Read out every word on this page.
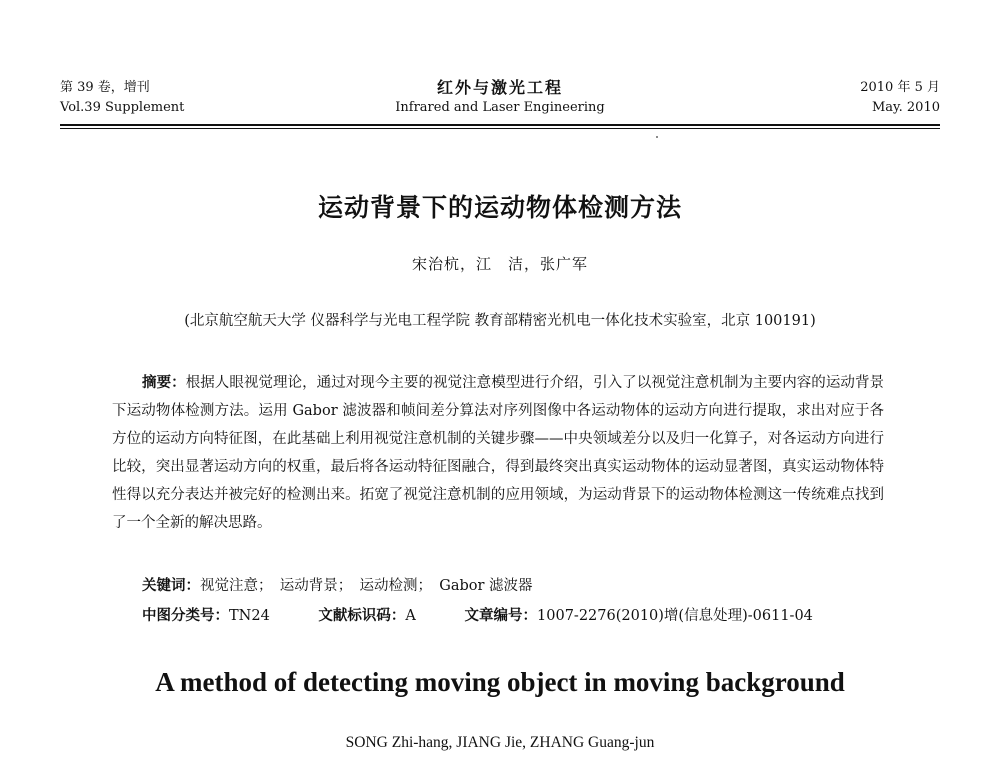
第 39 卷，增刊
Vol.39 Supplement
红外与激光工程
Infrared and Laser Engineering
2010 年 5 月
May. 2010
运动背景下的运动物体检测方法
宋治杭，江　洁，张广军
(北京航空航天大学 仪器科学与光电工程学院 教育部精密光机电一体化技术实验室，北京 100191)
摘要：根据人眼视觉理论，通过对现今主要的视觉注意模型进行介绍，引入了以视觉注意机制为主要内容的运动背景下运动物体检测方法。运用 Gabor 滤波器和帧间差分算法对序列图像中各运动物体的运动方向进行提取，求出对应于各方位的运动方向特征图，在此基础上利用视觉注意机制的关键步骤——中央领域差分以及归一化算子，对各运动方向进行比较，突出显著运动方向的权重，最后将各运动特征图融合，得到最终突出真实运动物体的运动显著图，真实运动物体特性得以充分表达并被完好的检测出来。拓宽了视觉注意机制的应用领域，为运动背景下的运动物体检测这一传统难点找到了一个全新的解决思路。
关键词：视觉注意；　运动背景；　运动检测；　Gabor 滤波器
中图分类号：TN24	文献标识码：A	文章编号：1007-2276(2010)增(信息处理)-0611-04
A method of detecting moving object in moving background
SONG Zhi-hang, JIANG Jie, ZHANG Guang-jun
